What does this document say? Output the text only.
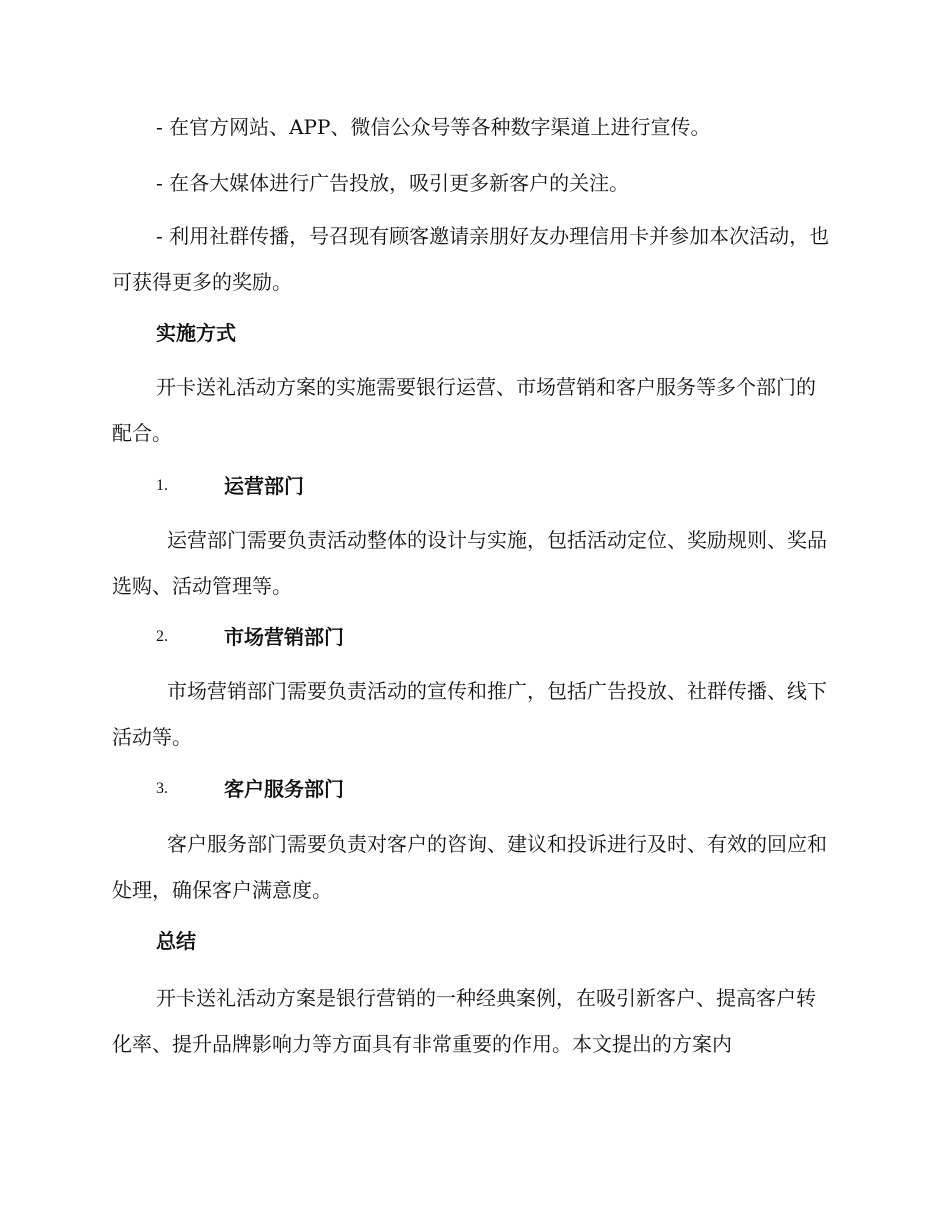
- 在官方网站、APP、微信公众号等各种数字渠道上进行宣传。

- 在各大媒体进行广告投放，吸引更多新客户的关注。

- 利用社群传播，号召现有顾客邀请亲朋好友办理信用卡并参加本次活动，也可获得更多的奖励。

实施方式

开卡送礼活动方案的实施需要银行运营、市场营销和客户服务等多个部门的配合。

1.	运营部门

运营部门需要负责活动整体的设计与实施，包括活动定位、奖励规则、奖品选购、活动管理等。

2.	市场营销部门

市场营销部门需要负责活动的宣传和推广，包括广告投放、社群传播、线下活动等。

3.	客户服务部门

客户服务部门需要负责对客户的咨询、建议和投诉进行及时、有效的回应和处理，确保客户满意度。

总结

开卡送礼活动方案是银行营销的一种经典案例，在吸引新客户、提高客户转化率、提升品牌影响力等方面具有非常重要的作用。本文提出的方案内
